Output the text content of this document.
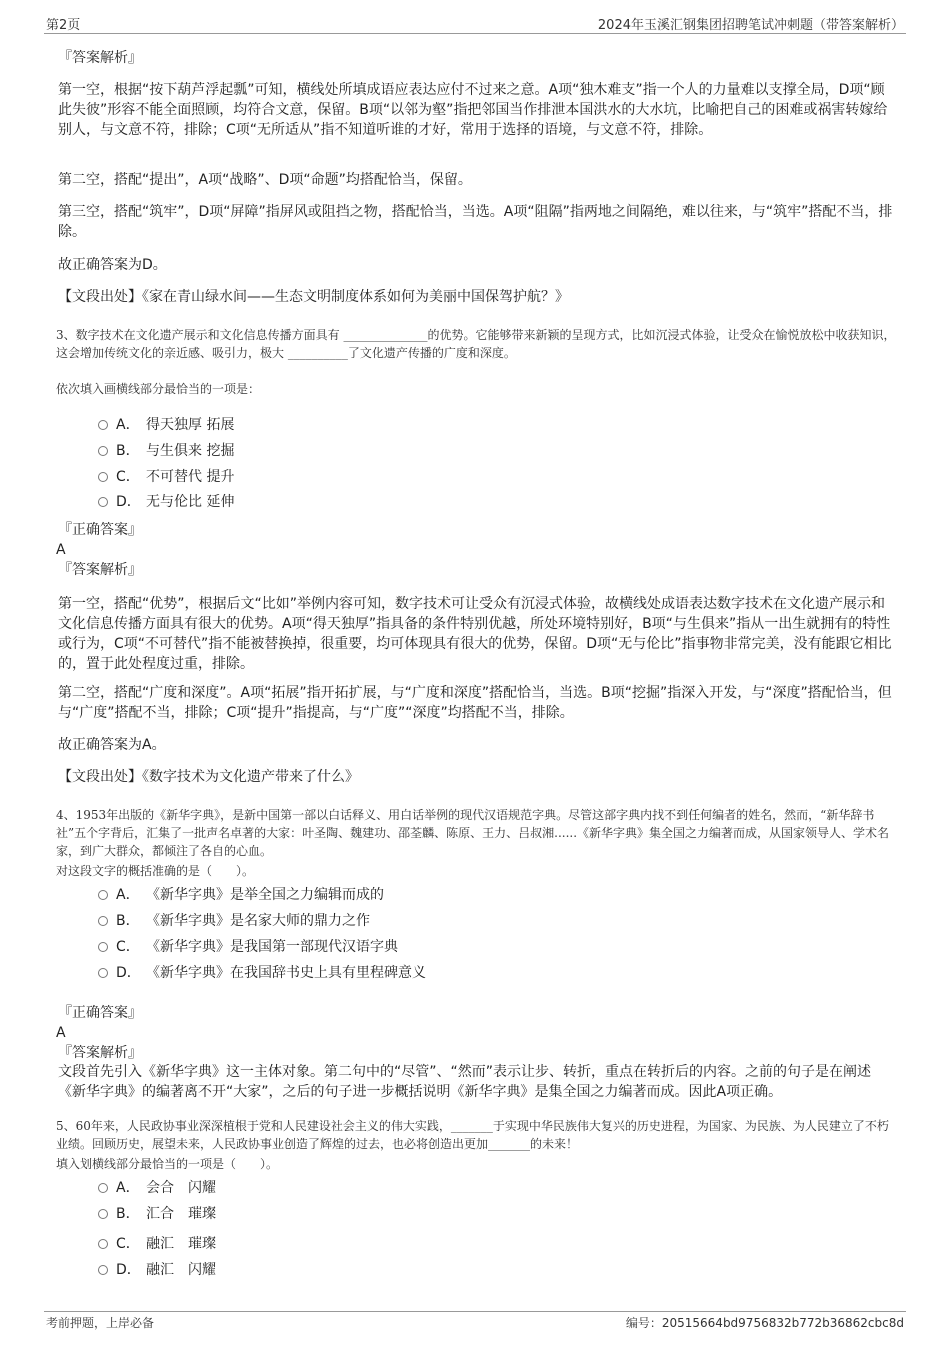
第2页	2024年玉溪汇钢集团招聘笔试冲刺题（带答案解析）
『答案解析』
第一空，根据“按下葫芦浮起瓢”可知，横线处所填成语应表达应付不过来之意。A项“独木难支”指一个人的力量难以支撑全局，D项“顾此失彼”形容不能全面照顾，均符合文意，保留。B项“以邻为壑”指把邻国当作排泄本国洪水的大水坑，比喻把自己的困难或祸害转嫁给别人，与文意不符，排除；C项“无所适从”指不知道听谁的才好，常用于选择的语境，与文意不符，排除。
第二空，搭配“提出”，A项“战略”、D项“命题”均搭配恰当，保留。
第三空，搭配“筑牢”，D项“屏障”指屏风或阻挡之物，搭配恰当，当选。A项“阻隔”指两地之间隔绝，难以往来，与“筑牢”搭配不当，排除。
故正确答案为D。
【文段出处】《家在青山绿水间——生态文明制度体系如何为美丽中国保驾护航？》
3、数字技术在文化遗产展示和文化信息传播方面具有 ______________的优势。它能够带来新颖的呈现方式，比如沉浸式体验，让受众在愉悦放松中收获知识，这会增加传统文化的亲近感、吸引力，极大 __________了文化遗产传播的广度和深度。
依次填入画横线部分最恰当的一项是：
A． 得天独厚 拓展
B． 与生俱来 挖掘
C． 不可替代 提升
D． 无与伦比 延伸
『正确答案』
A
『答案解析』
第一空，搭配“优势”，根据后文“比如”举例内容可知，数字技术可让受众有沉浸式体验，故横线处成语表达数字技术在文化遗产展示和文化信息传播方面具有很大的优势。A项“得天独厚”指具备的条件特别优越，所处环境特别好，B项“与生俱来”指从一出生就拥有的特性或行为，C项“不可替代”指不能被替换掉，很重要，均可体现具有很大的优势，保留。D项“无与伦比”指事物非常完美，没有能跟它相比的，置于此处程度过重，排除。
第二空，搭配“广度和深度”。A项“拓展”指开拓扩展，与“广度和深度”搭配恰当，当选。B项“挖掘”指深入开发，与“深度”搭配恰当，但与“广度”搭配不当，排除；C项“提升”指提高，与“广度”“深度”均搭配不当，排除。
故正确答案为A。
【文段出处】《数字技术为文化遗产带来了什么》
4、1953年出版的《新华字典》，是新中国第一部以白话释义、用白话举例的现代汉语规范字典。尽管这部字典内找不到任何编者的姓名，然而，“新华辞书社”五个字背后，汇集了一批声名卓著的大家：叶圣陶、魏建功、邵荃麟、陈原、王力、吕叔湘......《新华字典》集全国之力编著而成，从国家领导人、学术名家，到广大群众，都倾注了各自的心血。
对这段文字的概括准确的是（　　）。
A． 《新华字典》是举全国之力编辑而成的
B． 《新华字典》是名家大师的鼎力之作
C． 《新华字典》是我国第一部现代汉语字典
D． 《新华字典》在我国辞书史上具有里程碑意义
『正确答案』
A
『答案解析』
文段首先引入《新华字典》这一主体对象。第二句中的“尽管”、“然而”表示让步、转折，重点在转折后的内容。之前的句子是在阐述《新华字典》的编著离不开“大家”，之后的句子进一步概括说明《新华字典》是集全国之力编著而成。因此A项正确。
5、60年来，人民政协事业深深植根于党和人民建设社会主义的伟大实践，_______于实现中华民族伟大复兴的历史进程，为国家、为民族、为人民建立了不朽业绩。回顾历史，展望未来，人民政协事业创造了辉煌的过去，也必将创造出更加_______的未来！
填入划横线部分最恰当的一项是（　　）。
A． 会合　闪耀
B． 汇合　璀璨
C． 融汇　璀璨
D． 融汇　闪耀
考前押题，上岸必备	编号：20515664bd9756832b772b36862cbc8d
